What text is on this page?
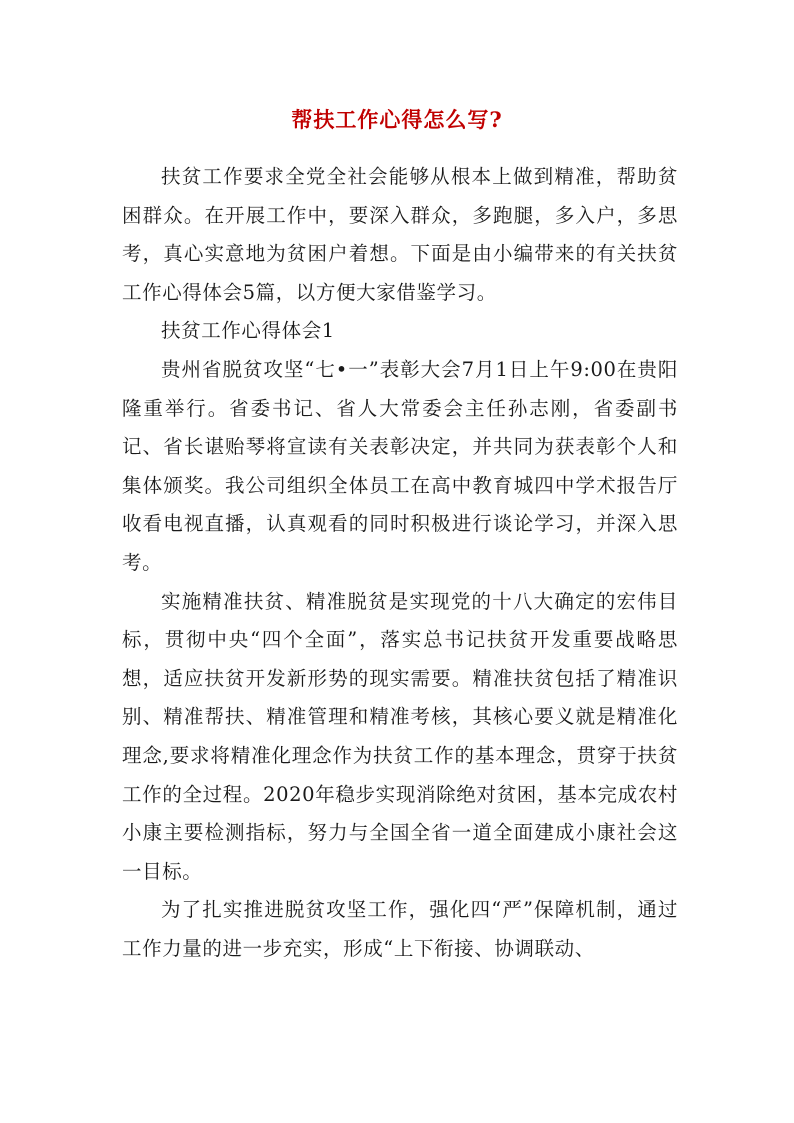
帮扶工作心得怎么写?

扶贫工作要求全党全社会能够从根本上做到精准，帮助贫困群众。在开展工作中，要深入群众，多跑腿，多入户，多思考，真心实意地为贫困户着想。下面是由小编带来的有关扶贫工作心得体会5篇，以方便大家借鉴学习。

扶贫工作心得体会1

贵州省脱贫攻坚“七•一”表彰大会7月1日上午9:00在贵阳隆重举行。省委书记、省人大常委会主任孙志刚，省委副书记、省长谌贻琴将宣读有关表彰决定，并共同为获表彰个人和集体颁奖。我公司组织全体员工在高中教育城四中学术报告厅收看电视直播，认真观看的同时积极进行谈论学习，并深入思考。

实施精准扶贫、精准脱贫是实现党的十八大确定的宏伟目标，贯彻中央“四个全面”，落实总书记扶贫开发重要战略思想，适应扶贫开发新形势的现实需要。精准扶贫包括了精准识别、精准帮扶、精准管理和精准考核，其核心要义就是精准化理念,要求将精准化理念作为扶贫工作的基本理念，贯穿于扶贫工作的全过程。2020年稳步实现消除绝对贫困，基本完成农村小康主要检测指标，努力与全国全省一道全面建成小康社会这一目标。

为了扎实推进脱贫攻坚工作，强化四“严”保障机制，通过工作力量的进一步充实，形成“上下衔接、协调联动、
